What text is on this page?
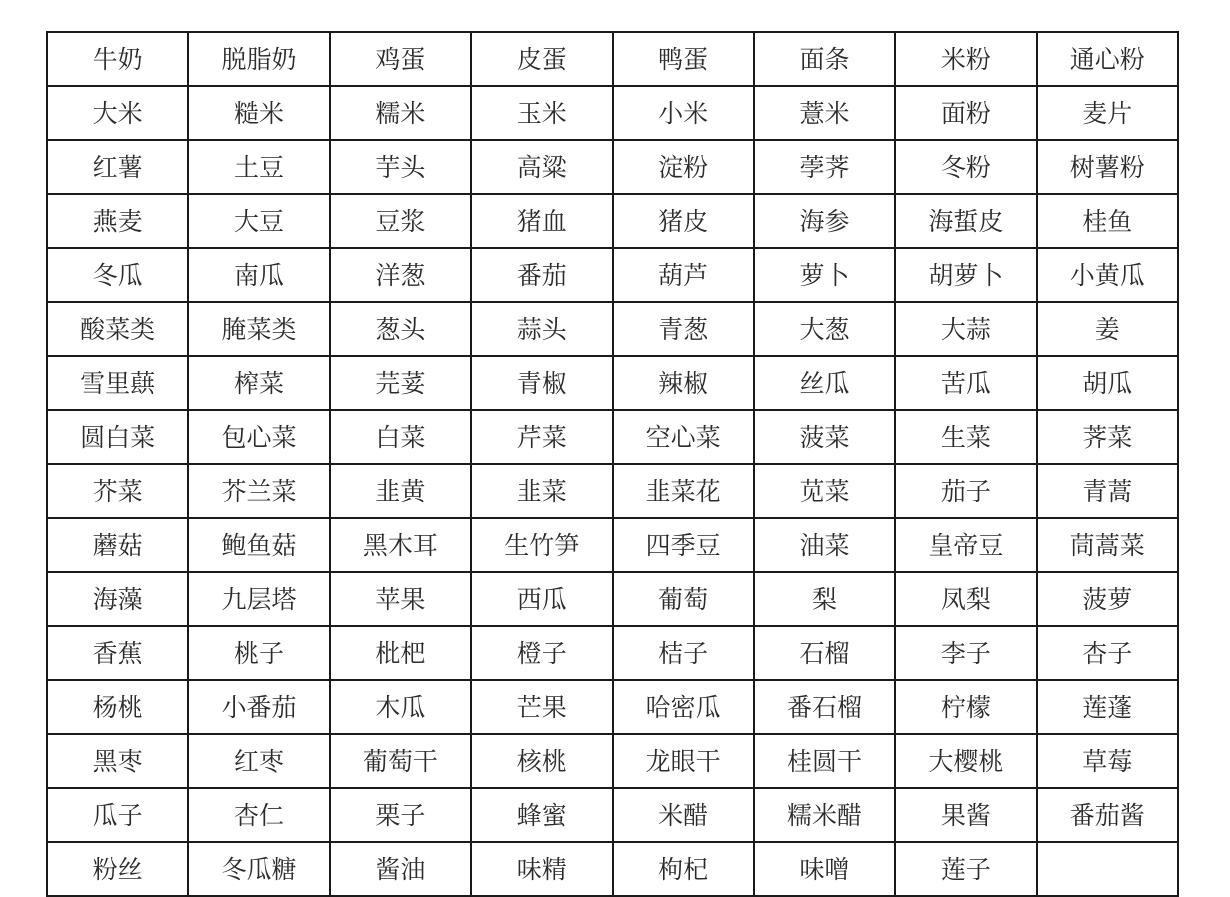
牛奶	脱脂奶	鸡蛋	皮蛋	鸭蛋	面条	米粉	通心粉
大米	糙米	糯米	玉米	小米	薏米	面粉	麦片
红薯	土豆	芋头	高粱	淀粉	荸荠	冬粉	树薯粉
燕麦	大豆	豆浆	猪血	猪皮	海参	海蜇皮	桂鱼
冬瓜	南瓜	洋葱	番茄	葫芦	萝卜	胡萝卜	小黄瓜
酸菜类	腌菜类	葱头	蒜头	青葱	大葱	大蒜	姜
雪里蕻	榨菜	芫荽	青椒	辣椒	丝瓜	苦瓜	胡瓜
圆白菜	包心菜	白菜	芹菜	空心菜	菠菜	生菜	荠菜
芥菜	芥兰菜	韭黄	韭菜	韭菜花	苋菜	茄子	青蒿
蘑菇	鲍鱼菇	黑木耳	生竹笋	四季豆	油菜	皇帝豆	茼蒿菜
海藻	九层塔	苹果	西瓜	葡萄	梨	凤梨	菠萝
香蕉	桃子	枇杷	橙子	桔子	石榴	李子	杏子
杨桃	小番茄	木瓜	芒果	哈密瓜	番石榴	柠檬	莲蓬
黑枣	红枣	葡萄干	核桃	龙眼干	桂圆干	大樱桃	草莓
瓜子	杏仁	栗子	蜂蜜	米醋	糯米醋	果酱	番茄酱
粉丝	冬瓜糖	酱油	味精	枸杞	味噌	莲子	
